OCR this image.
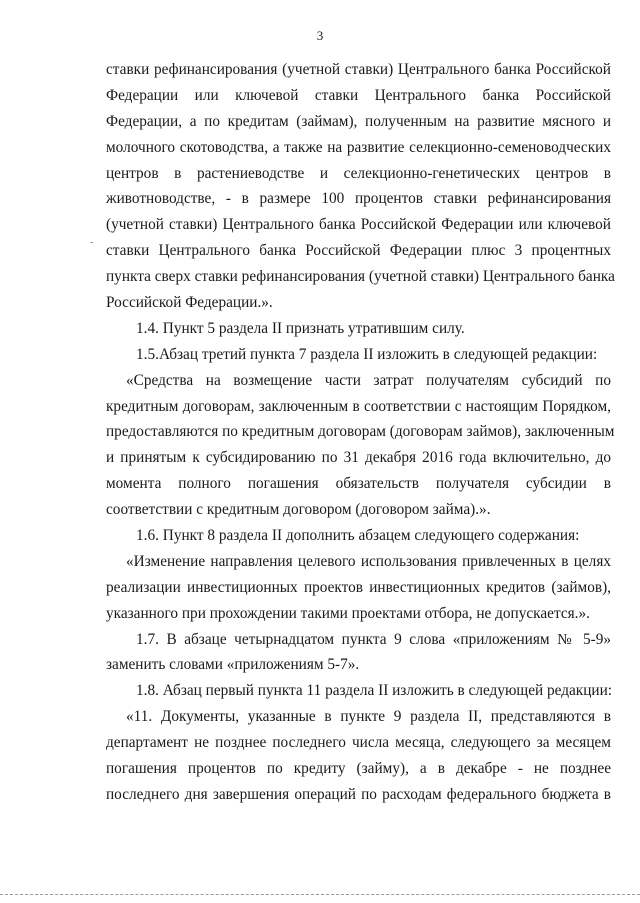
3
-
ставки рефинансирования (учетной ставки) Центрального банка Российской
Федерации или ключевой ставки Центрального банка Российской
Федерации, а по кредитам (займам), полученным на развитие мясного и
молочного скотоводства, а также на развитие селекционно-семеноводческих
центров в растениеводстве и селекционно-генетических центров в
животноводстве, - в размере 100 процентов ставки рефинансирования
(учетной ставки) Центрального банка Российской Федерации или ключевой
ставки Центрального банка Российской Федерации плюс 3 процентных
пункта сверх ставки рефинансирования (учетной ставки) Центрального банка
Российской Федерации.».
1.4. Пункт 5 раздела II признать утратившим силу.
1.5.Абзац третий пункта 7 раздела II изложить в следующей редакции:
«Средства на возмещение части затрат получателям субсидий по
кредитным договорам, заключенным в соответствии с настоящим Порядком,
предоставляются по кредитным договорам (договорам займов), заключенным
и принятым к субсидированию по 31 декабря 2016 года включительно, до
момента полного погашения обязательств получателя субсидии в
соответствии с кредитным договором (договором займа).».
1.6. Пункт 8 раздела II дополнить абзацем следующего содержания:
«Изменение направления целевого использования привлеченных в целях
реализации инвестиционных проектов инвестиционных кредитов (займов),
указанного при прохождении такими проектами отбора, не допускается.».
1.7. В абзаце четырнадцатом пункта 9 слова «приложениям № 5-9»
заменить словами «приложениям 5-7».
1.8. Абзац первый пункта 11 раздела II изложить в следующей редакции:
«11. Документы, указанные в пункте 9 раздела II, представляются в
департамент не позднее последнего числа месяца, следующего за месяцем
погашения процентов по кредиту (займу), а в декабре - не позднее
последнего дня завершения операций по расходам федерального бюджета в
